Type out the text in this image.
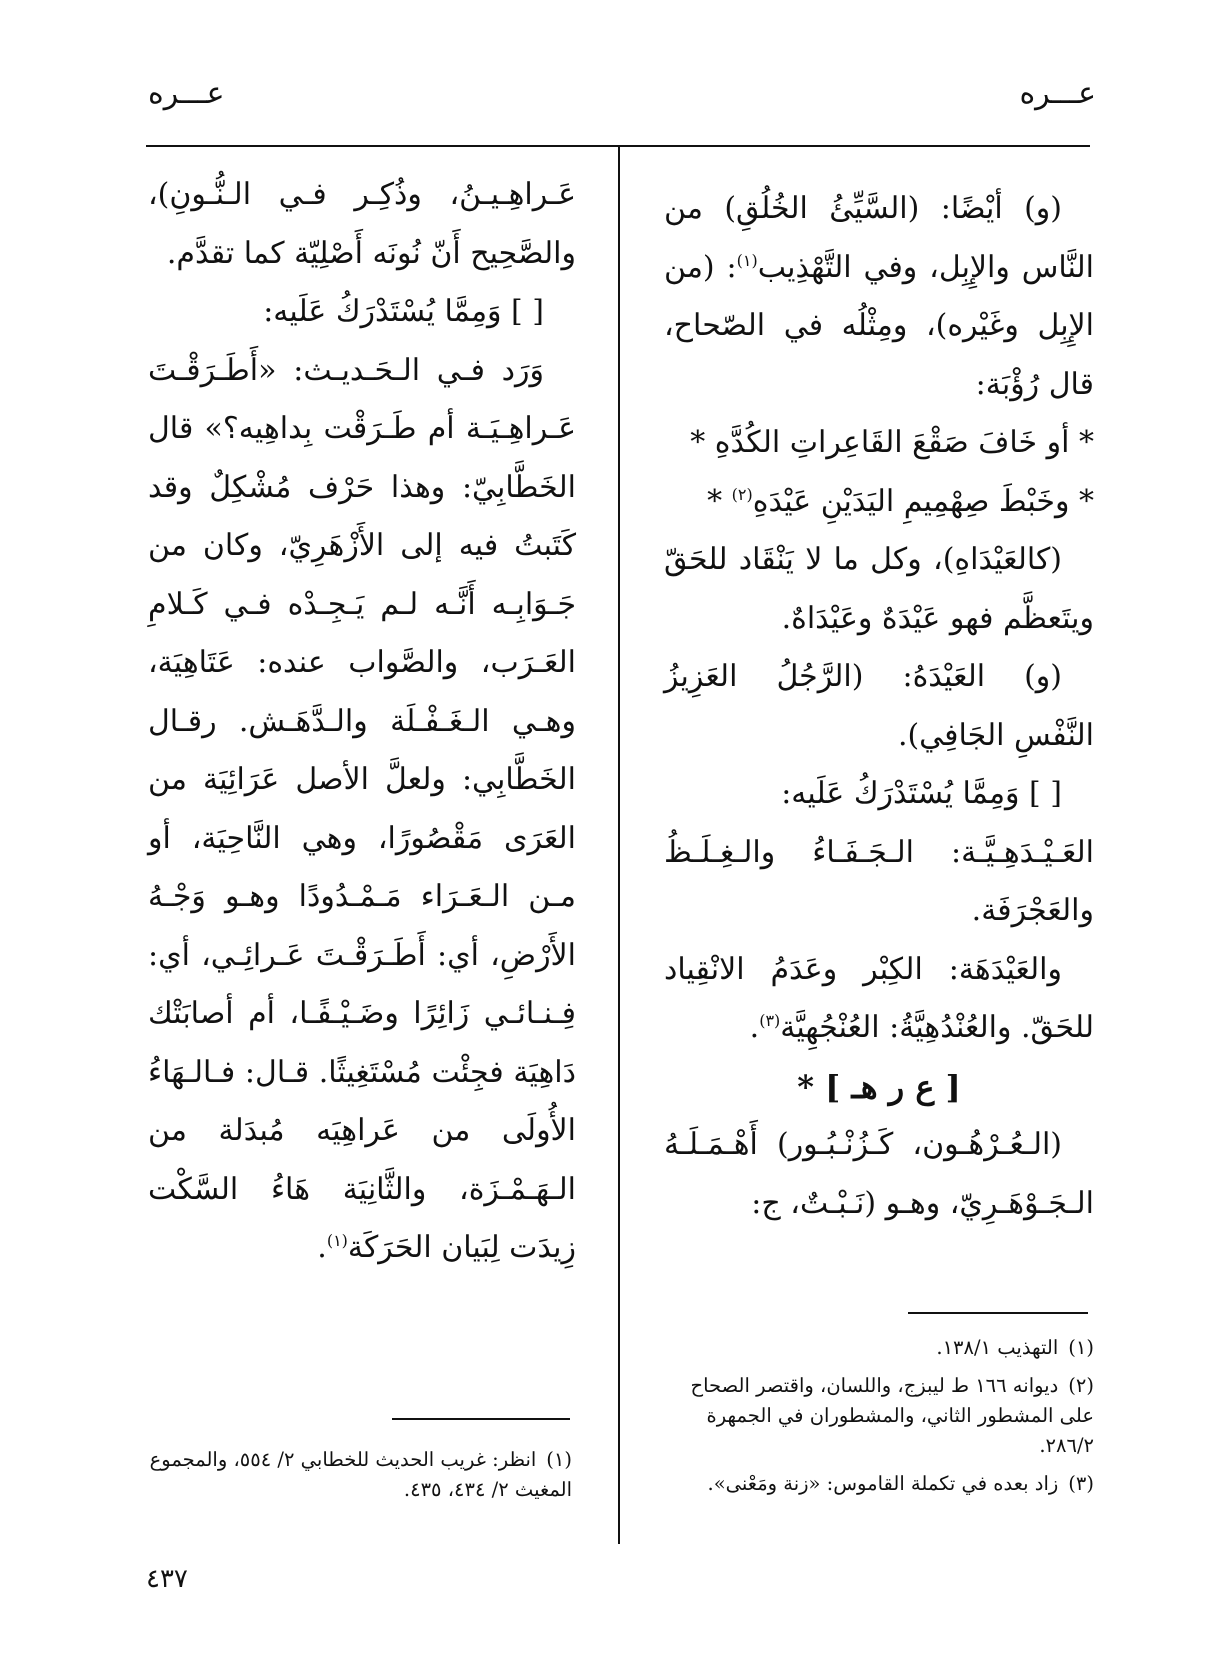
عـــره
عـــره

(و) أيْضًا: (السَّيِّئُ الخُلُقِ) من النَّاس والإِبِل، وفي التَّهْذِيب$^{(١)}$: (من الإِبِل وغَيْره)، ومِثْلُه في الصّحاح، قال رُؤْبَة:

* أو خَافَ صَقْعَ القَاعِراتِ الكُدَّهِ *

* وخَبْطَ صِهْمِيمِ اليَدَيْنِ عَيْدَهِ$^{(٢)}$ *

(كالعَيْدَاهِ)، وكل ما لا يَنْقَاد للحَقّ ويتَعظَّم فهو عَيْدَهٌ وعَيْدَاهٌ.

(و) العَيْدَهُ: (الرَّجُلُ العَزِيزُ النَّفْسِ الجَافِي).

[ ] وَمِمَّا يُسْتَدْرَكُ عَلَيه:

العَـيْـدَهِـيَّـة: الـجَـفَـاءُ والـغِـلَـظُ والعَجْرَفَة.

والعَيْدَهَة: الكِبْر وعَدَمُ الانْقِياد للحَقّ. والعُنْدُهِيَّةُ: العُنْجُهِيَّة$^{(٣)}$.

[ ع ر هـ ] *

(الـعُـرْهُـون، كَـزُنْـبُـور) أَهْـمَـلَـهُ الـجَـوْهَـرِيّ، وهـو (نَـبْـتٌ، ج:

عَـراهِـيـنُ، وذُكِـر فـي الـنُّـونِ)، والصَّحِيح أَنّ نُونَه أَصْلِيّة كما تقدَّم.

[ ] وَمِمَّا يُسْتَدْرَكُ عَلَيه:

وَرَد فـي الـحَـديـث: «أَطَـرَقْـتَ عَـراهِـيَـة أم طَـرَقْت بِداهِيه؟» قال الخَطَّابِيّ: وهذا حَرْف مُشْكِلٌ وقد كَتَبتُ فيه إلى الأَزْهَرِيّ، وكان من جَـوَابِـه أَنَّـه لـم يَـجِـدْه فـي كَـلامِ العَـرَب، والصَّواب عنده: عَتَاهِيَة، وهـي الـغَـفْـلَة والـدَّهَـش. رقـال الخَطَّابِي: ولعلَّ الأصل عَرَائِيَة من العَرَى مَقْصُورًا، وهي النَّاحِيَة، أو مـن الـعَـرَاء مَـمْـدُودًا وهـو وَجْـهُ الأَرْضِ، أي: أَطَـرَقْـتَ عَـرائِـي، أي: فِـنـائـي زَائِرًا وضَـيْـفًـا، أم أصابَتْك دَاهِيَة فجِئْت مُسْتَغِيثًا. قـال: فـالـهَاءُ الأُولَى من عَراهِيَه مُبدَلة من الـهَـمْـزَة، والثَّانِيَة هَاءُ السَّكْت زِيدَت لِبَيان الحَرَكَة$^{(١)}$.

(١)التهذيب ١٣٨/١.

(٢)ديوانه ١٦٦ ط ليبزج، واللسان، واقتصر الصحاح على المشطور الثاني، والمشطوران في الجمهرة ٢٨٦/٢.

(٣)زاد بعده في تكملة القاموس: «زنة ومَعْنى».

(١)انظر: غريب الحديث للخطابي ٢/ ٥٥٤، والمجموع المغيث ٢/ ٤٣٤، ٤٣٥.

٤٣٧
